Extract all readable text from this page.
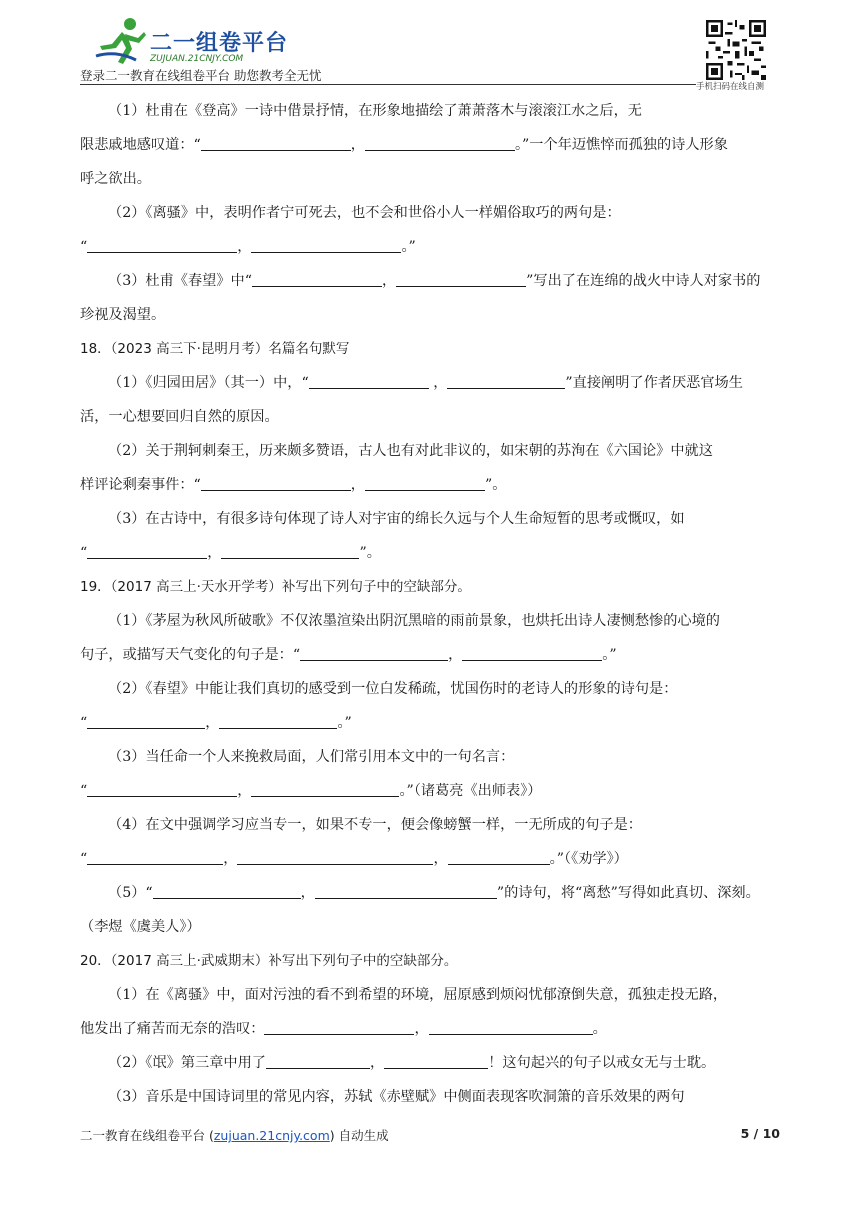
二一组卷平台
ZUJUAN.21CNJY.COM
登录二一教育在线组卷平台 助您教考全无忧
手机扫码在线自测
（1）杜甫在《登高》一诗中借景抒情，在形象地描绘了萧萧落木与滚滚江水之后，无
限悲戚地感叹道：“	，	。”一个年迈憔悴而孤独的诗人形象
呼之欲出。
（2）《离骚》中，表明作者宁可死去，也不会和世俗小人一样媚俗取巧的两句是：
“	，	。”
（3）杜甫《春望》中“	，	”写出了在连绵的战火中诗人对家书的
珍视及渴望。
18．（2023 高三下·昆明月考）名篇名句默写
（1）《归园田居》（其一）中，“	，	”直接阐明了作者厌恶官场生
活，一心想要回归自然的原因。
（2）关于荆轲刺秦王，历来颇多赞语，古人也有对此非议的，如宋朝的苏洵在《六国论》中就这
样评论剩秦事件：“	，	”。
（3）在古诗中，有很多诗句体现了诗人对宇宙的绵长久远与个人生命短暂的思考或慨叹，如
“	，	”。
19．（2017 高三上·天水开学考）补写出下列句子中的空缺部分。
（1）《茅屋为秋风所破歌》不仅浓墨渲染出阴沉黑暗的雨前景象，也烘托出诗人凄恻愁惨的心境的
句子，或描写天气变化的句子是：“	，	。”
（2）《春望》中能让我们真切的感受到一位白发稀疏，忧国伤时的老诗人的形象的诗句是：
“	，	。”
（3）当任命一个人来挽救局面，人们常引用本文中的一句名言：
“	，	。”（诸葛亮《出师表》）
（4）在文中强调学习应当专一，如果不专一，便会像螃蟹一样，一无所成的句子是：
“	，	，	。”（《劝学》）
（5）“	，	”的诗句，将“离愁”写得如此真切、深刻。
（李煜《虞美人》）
20．（2017 高三上·武威期末）补写出下列句子中的空缺部分。
（1）在《离骚》中，面对污浊的看不到希望的环境，屈原感到烦闷忧郁潦倒失意，孤独走投无路，
他发出了痛苦而无奈的浩叹：	，	。
（2）《氓》第三章中用了	，	！这句起兴的句子以戒女无与士耽。
（3）音乐是中国诗词里的常见内容，苏轼《赤壁赋》中侧面表现客吹洞箫的音乐效果的两句
二一教育在线组卷平台 (zujuan.21cnjy.com) 自动生成	5 / 10
